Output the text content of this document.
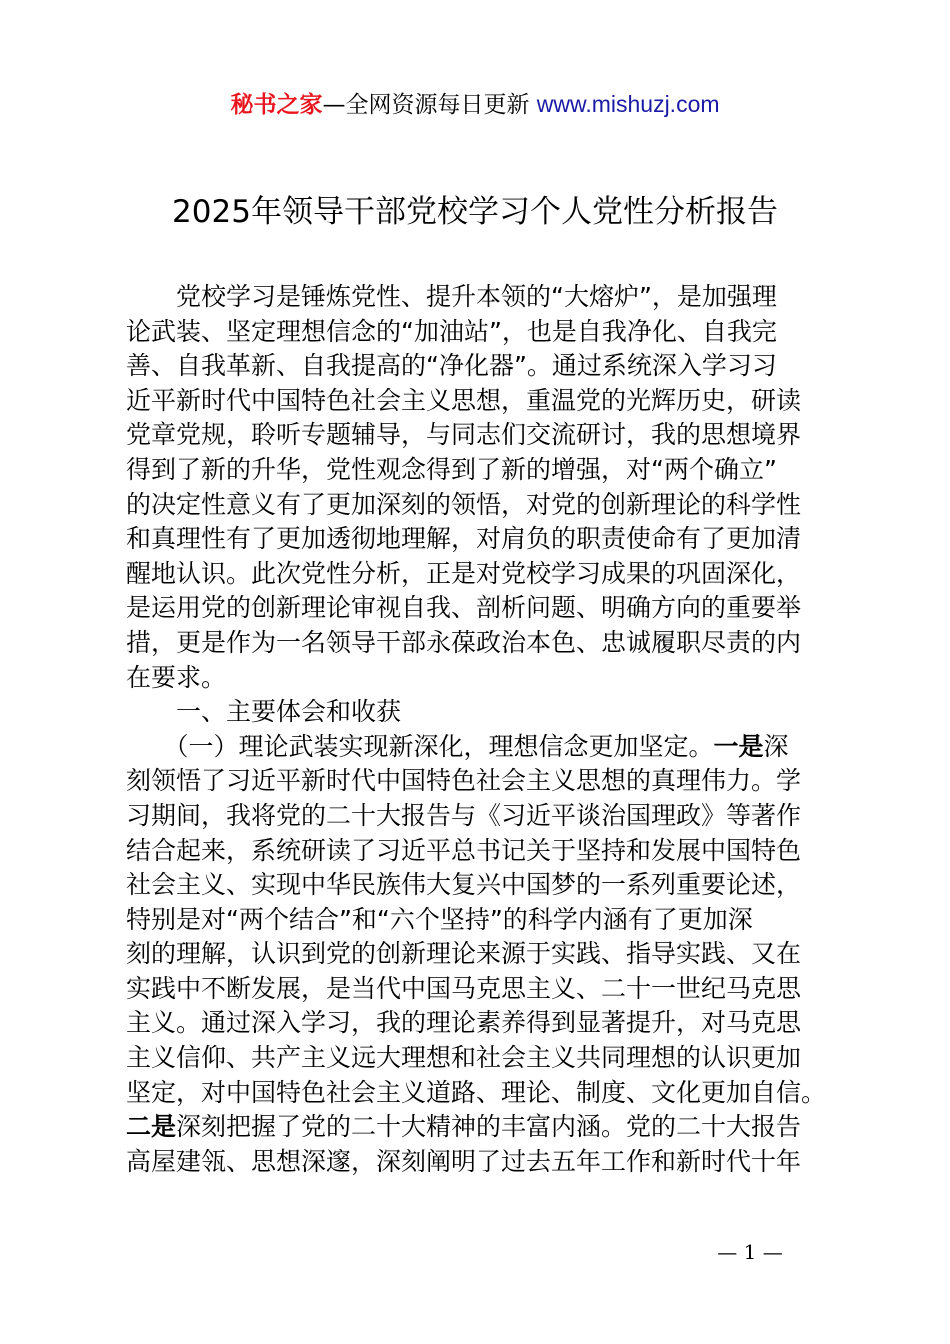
秘书之家—全网资源每日更新 www.mishuzj.com
2025年领导干部党校学习个人党性分析报告
　　党校学习是锤炼党性、提升本领的“大熔炉”，是加强理
论武装、坚定理想信念的“加油站”，也是自我净化、自我完
善、自我革新、自我提高的“净化器”。通过系统深入学习习
近平新时代中国特色社会主义思想，重温党的光辉历史，研读
党章党规，聆听专题辅导，与同志们交流研讨，我的思想境界
得到了新的升华，党性观念得到了新的增强，对“两个确立”
的决定性意义有了更加深刻的领悟，对党的创新理论的科学性
和真理性有了更加透彻地理解，对肩负的职责使命有了更加清
醒地认识。此次党性分析，正是对党校学习成果的巩固深化，
是运用党的创新理论审视自我、剖析问题、明确方向的重要举
措，更是作为一名领导干部永葆政治本色、忠诚履职尽责的内
在要求。
　　一、主要体会和收获
　　（一）理论武装实现新深化，理想信念更加坚定。一是深
刻领悟了习近平新时代中国特色社会主义思想的真理伟力。学
习期间，我将党的二十大报告与《习近平谈治国理政》等著作
结合起来，系统研读了习近平总书记关于坚持和发展中国特色
社会主义、实现中华民族伟大复兴中国梦的一系列重要论述，
特别是对“两个结合”和“六个坚持”的科学内涵有了更加深
刻的理解，认识到党的创新理论来源于实践、指导实践、又在
实践中不断发展，是当代中国马克思主义、二十一世纪马克思
主义。通过深入学习，我的理论素养得到显著提升，对马克思
主义信仰、共产主义远大理想和社会主义共同理想的认识更加
坚定，对中国特色社会主义道路、理论、制度、文化更加自信。
二是深刻把握了党的二十大精神的丰富内涵。党的二十大报告
高屋建瓴、思想深邃，深刻阐明了过去五年工作和新时代十年
— 1 —
